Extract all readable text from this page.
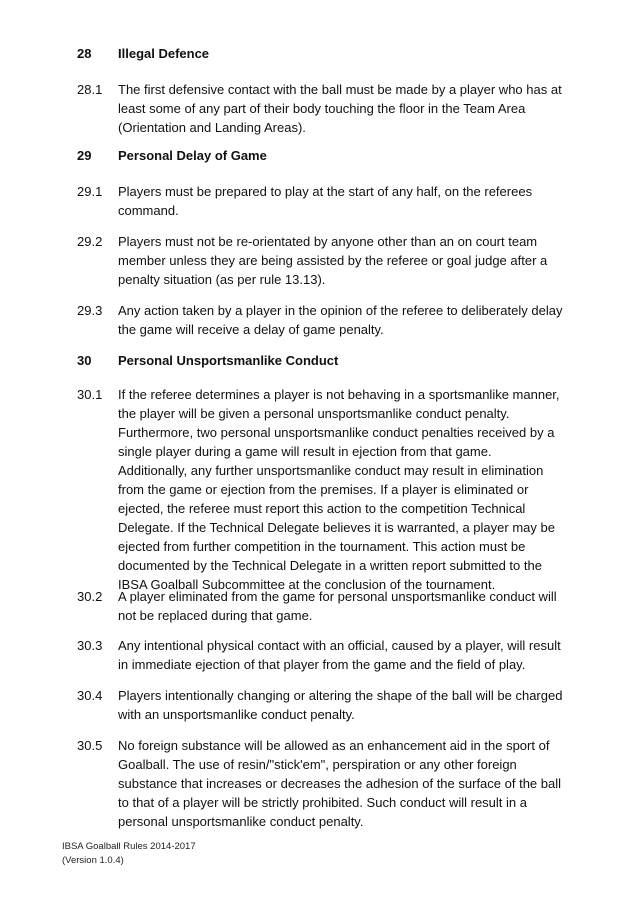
28 Illegal Defence
28.1 The first defensive contact with the ball must be made by a player who has at
least some of any part of their body touching the floor in the Team Area
(Orientation and Landing Areas).
29 Personal Delay of Game
29.1 Players must be prepared to play at the start of any half, on the referees
command.
29.2 Players must not be re-orientated by anyone other than an on court team
member unless they are being assisted by the referee or goal judge after a
penalty situation (as per rule 13.13).
29.3 Any action taken by a player in the opinion of the referee to deliberately delay
the game will receive a delay of game penalty.
30 Personal Unsportsmanlike Conduct
30.1 If the referee determines a player is not behaving in a sportsmanlike manner,
the player will be given a personal unsportsmanlike conduct penalty.
Furthermore, two personal unsportsmanlike conduct penalties received by a
single player during a game will result in ejection from that game.
Additionally, any further unsportsmanlike conduct may result in elimination
from the game or ejection from the premises. If a player is eliminated or
ejected, the referee must report this action to the competition Technical
Delegate. If the Technical Delegate believes it is warranted, a player may be
ejected from further competition in the tournament. This action must be
documented by the Technical Delegate in a written report submitted to the
IBSA Goalball Subcommittee at the conclusion of the tournament.
30.2 A player eliminated from the game for personal unsportsmanlike conduct will
not be replaced during that game.
30.3 Any intentional physical contact with an official, caused by a player, will result
in immediate ejection of that player from the game and the field of play.
30.4 Players intentionally changing or altering the shape of the ball will be charged
with an unsportsmanlike conduct penalty.
30.5 No foreign substance will be allowed as an enhancement aid in the sport of
Goalball. The use of resin/"stick'em", perspiration or any other foreign
substance that increases or decreases the adhesion of the surface of the ball
to that of a player will be strictly prohibited. Such conduct will result in a
personal unsportsmanlike conduct penalty.
IBSA Goalball Rules 2014-2017
(Version 1.0.4)
